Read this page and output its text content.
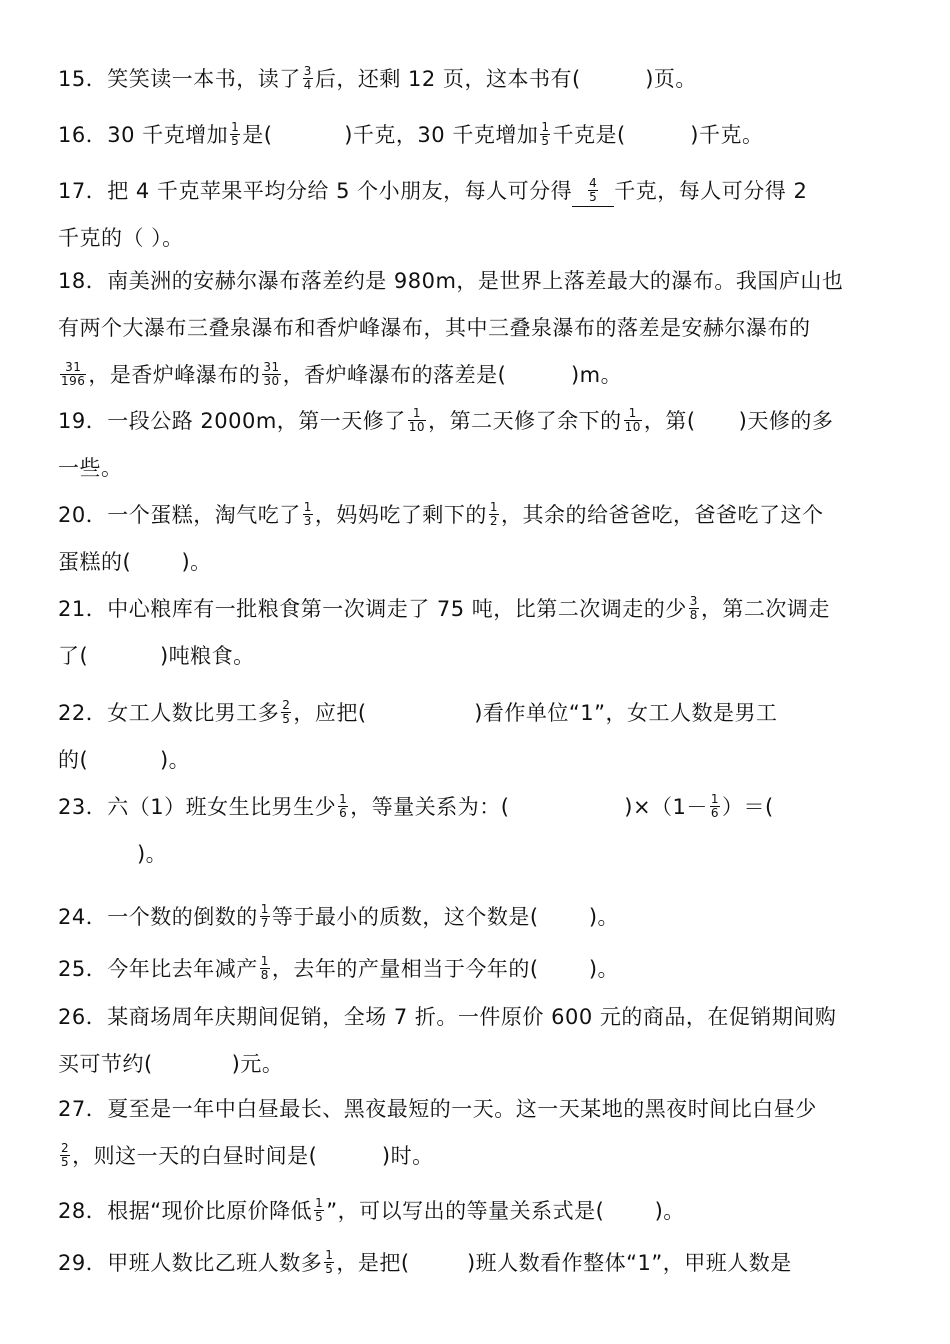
15．笑笑读一本书，读了 $\frac{3}{4}$ 后，还剩 12 页，这本书有(	)页。
16．30 千克增加 $\frac{1}{5}$ 是(	)千克，30 千克增加 $\frac{1}{5}$ 千克是(	)千克。
17．把 4 千克苹果平均分给 5 个小朋友，每人可分得 $\frac{4}{5}$ 千克，每人可分得 2
千克的（ ）。
18．南美洲的安赫尔瀑布落差约是 980m，是世界上落差最大的瀑布。我国庐山也
有两个大瀑布三叠泉瀑布和香炉峰瀑布，其中三叠泉瀑布的落差是安赫尔瀑布的
$\frac{31}{196}$ ，是香炉峰瀑布的 $\frac{31}{30}$ ，香炉峰瀑布的落差是(	)m。
19．一段公路 2000m，第一天修了 $\frac{1}{10}$ ，第二天修了余下的 $\frac{1}{10}$ ，第( )天修的多
一些。
20．一个蛋糕，淘气吃了 $\frac{1}{3}$ ，妈妈吃了剩下的 $\frac{1}{2}$ ，其余的给爸爸吃，爸爸吃了这个
蛋糕的( )。
21．中心粮库有一批粮食第一次调走了 75 吨，比第二次调走的少 $\frac{3}{8}$ ，第二次调走
了(	)吨粮食。
22．女工人数比男工多 $\frac{2}{5}$ ，应把(	)看作单位“1”，女工人数是男工
的(	)。
23．六（1）班女生比男生少 $\frac{1}{6}$ ，等量关系为：(	)$\times(1- \frac{1}{6}$ ）＝(
)。
24．一个数的倒数的 $\frac{1}{7}$ 等于最小的质数，这个数是( )。
25．今年比去年减产 $\frac{1}{8}$ ，去年的产量相当于今年的( )。
26．某商场周年庆期间促销，全场 7 折。一件原价 600 元的商品，在促销期间购
买可节约(	)元。
27．夏至是一年中白昼最长、黑夜最短的一天。这一天某地的黑夜时间比白昼少
$\frac{2}{5}$ ，则这一天的白昼时间是(	)时。
28．根据“现价比原价降低 $\frac{1}{5}$ ”，可以写出的等量关系式是( )。
29．甲班人数比乙班人数多 $\frac{1}{5}$ ，是把(	)班人数看作整体“1”，甲班人数是
